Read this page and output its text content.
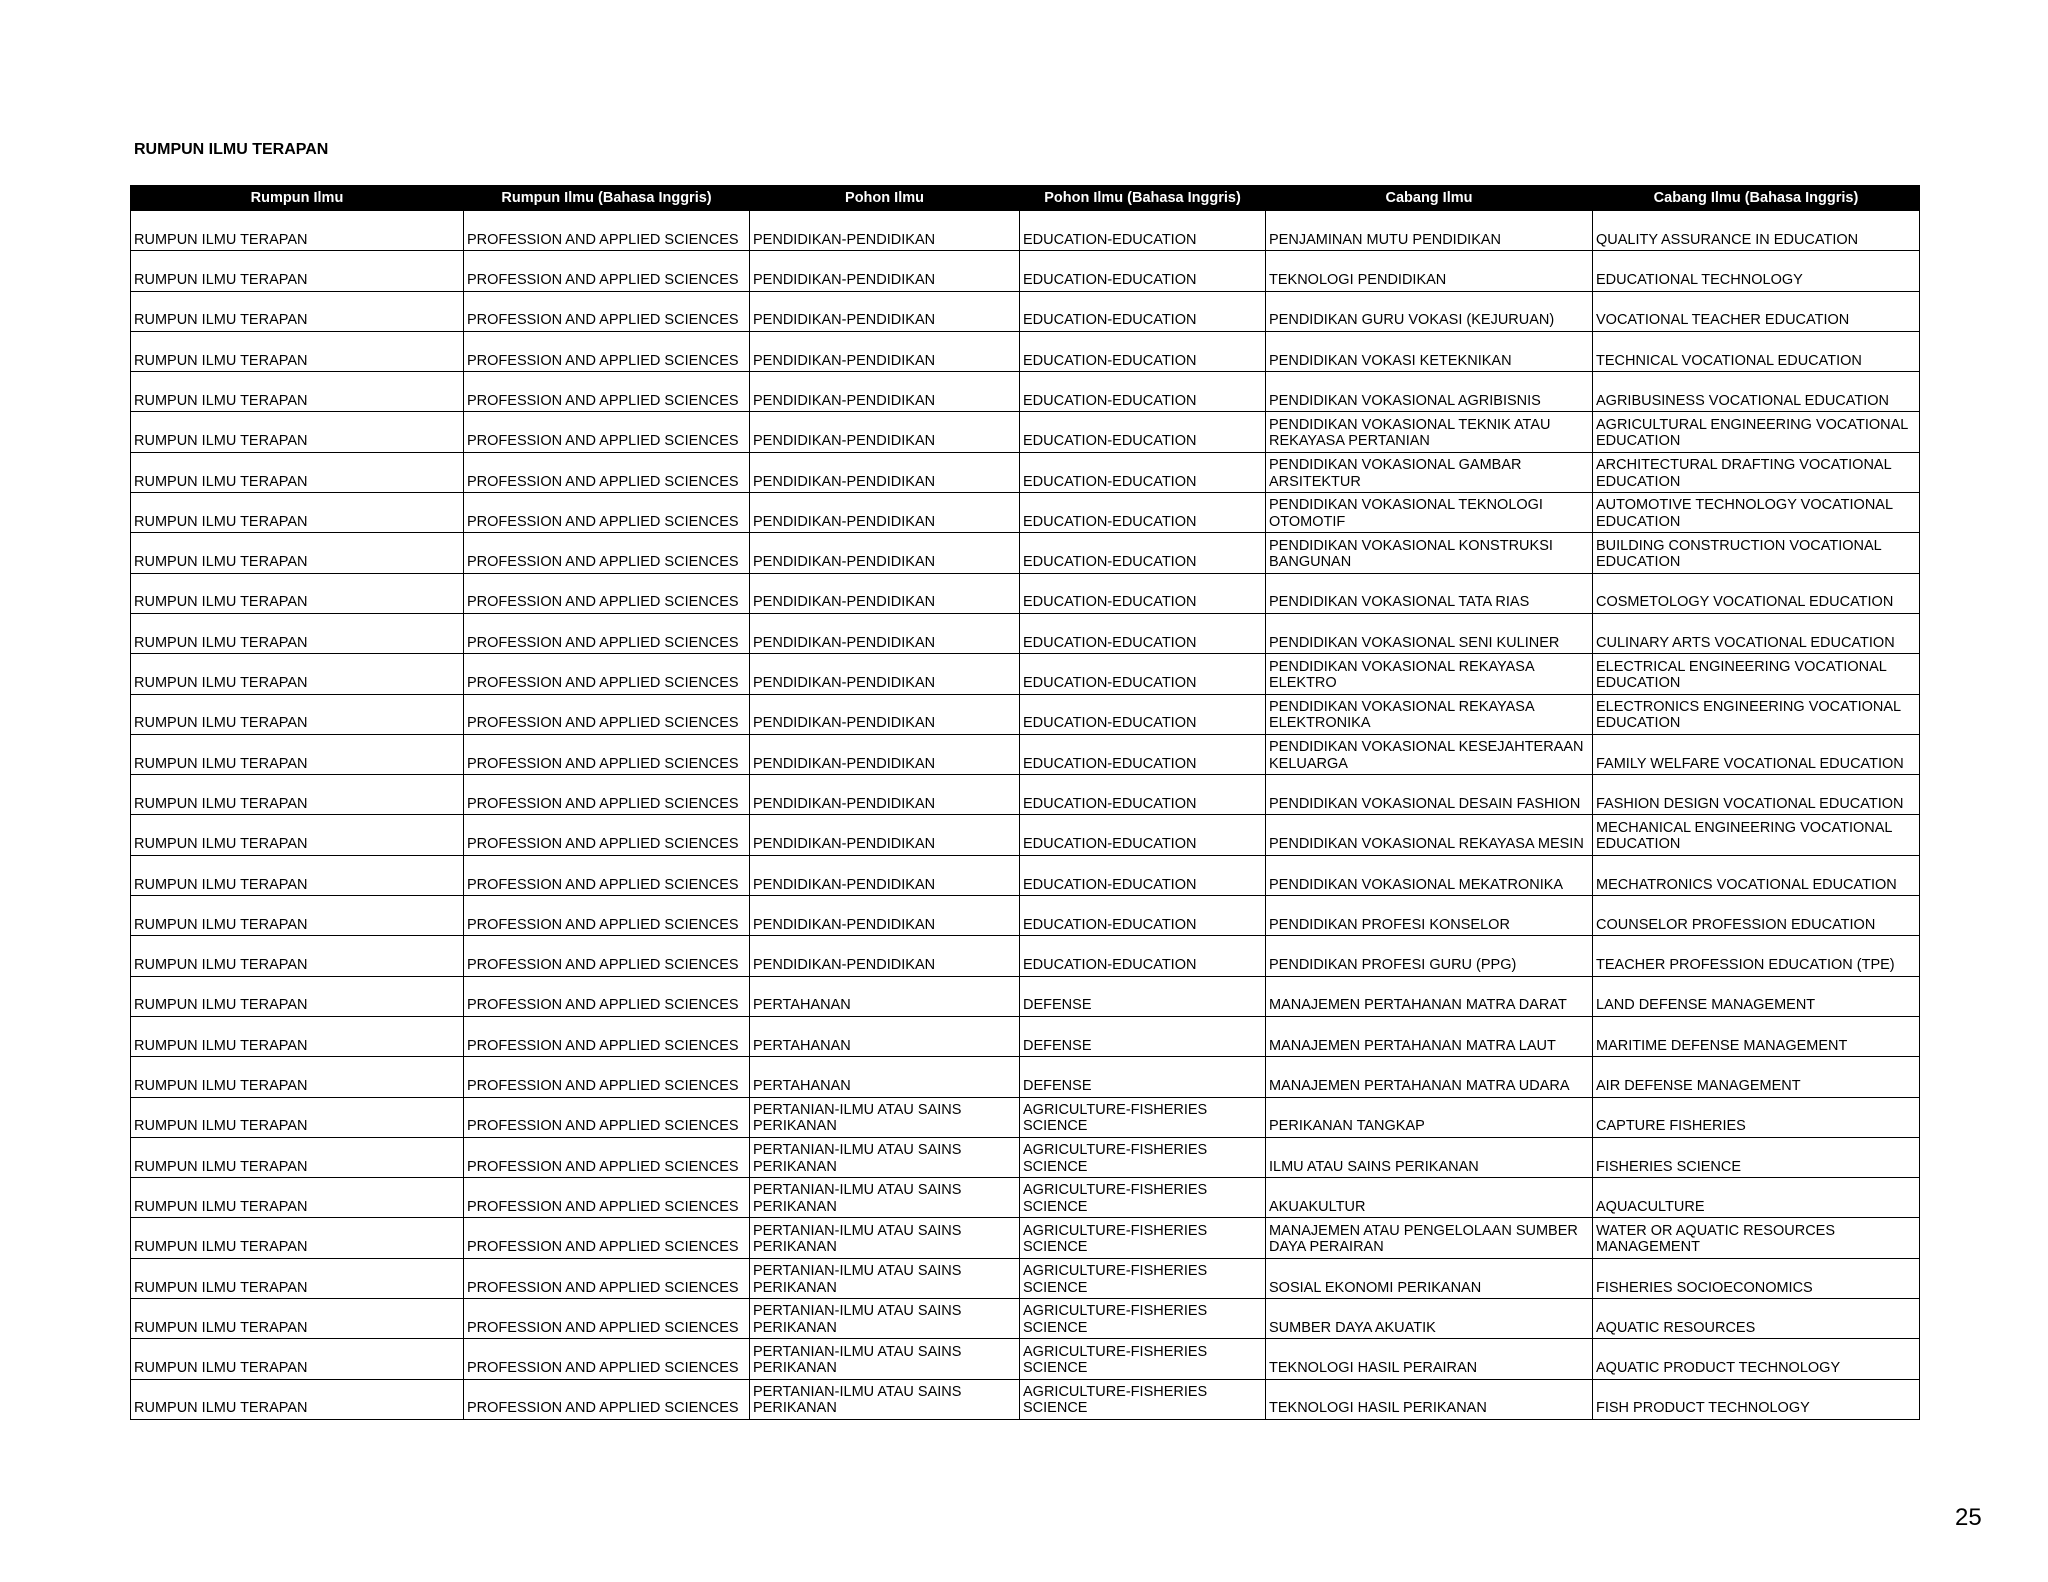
RUMPUN ILMU TERAPAN
Rumpun Ilmu	Rumpun Ilmu (Bahasa Inggris)	Pohon Ilmu	Pohon Ilmu (Bahasa Inggris)	Cabang Ilmu	Cabang Ilmu (Bahasa Inggris)
RUMPUN ILMU TERAPAN	PROFESSION AND APPLIED SCIENCES	PENDIDIKAN-PENDIDIKAN	EDUCATION-EDUCATION	PENJAMINAN MUTU PENDIDIKAN	QUALITY ASSURANCE IN EDUCATION
RUMPUN ILMU TERAPAN	PROFESSION AND APPLIED SCIENCES	PENDIDIKAN-PENDIDIKAN	EDUCATION-EDUCATION	TEKNOLOGI PENDIDIKAN	EDUCATIONAL TECHNOLOGY
RUMPUN ILMU TERAPAN	PROFESSION AND APPLIED SCIENCES	PENDIDIKAN-PENDIDIKAN	EDUCATION-EDUCATION	PENDIDIKAN GURU VOKASI (KEJURUAN)	VOCATIONAL TEACHER EDUCATION
RUMPUN ILMU TERAPAN	PROFESSION AND APPLIED SCIENCES	PENDIDIKAN-PENDIDIKAN	EDUCATION-EDUCATION	PENDIDIKAN VOKASI KETEKNIKAN	TECHNICAL VOCATIONAL EDUCATION
RUMPUN ILMU TERAPAN	PROFESSION AND APPLIED SCIENCES	PENDIDIKAN-PENDIDIKAN	EDUCATION-EDUCATION	PENDIDIKAN VOKASIONAL AGRIBISNIS	AGRIBUSINESS VOCATIONAL EDUCATION
RUMPUN ILMU TERAPAN	PROFESSION AND APPLIED SCIENCES	PENDIDIKAN-PENDIDIKAN	EDUCATION-EDUCATION	PENDIDIKAN VOKASIONAL TEKNIK ATAU REKAYASA PERTANIAN	AGRICULTURAL ENGINEERING VOCATIONAL EDUCATION
RUMPUN ILMU TERAPAN	PROFESSION AND APPLIED SCIENCES	PENDIDIKAN-PENDIDIKAN	EDUCATION-EDUCATION	PENDIDIKAN VOKASIONAL GAMBAR ARSITEKTUR	ARCHITECTURAL DRAFTING VOCATIONAL EDUCATION
RUMPUN ILMU TERAPAN	PROFESSION AND APPLIED SCIENCES	PENDIDIKAN-PENDIDIKAN	EDUCATION-EDUCATION	PENDIDIKAN VOKASIONAL TEKNOLOGI OTOMOTIF	AUTOMOTIVE TECHNOLOGY VOCATIONAL EDUCATION
RUMPUN ILMU TERAPAN	PROFESSION AND APPLIED SCIENCES	PENDIDIKAN-PENDIDIKAN	EDUCATION-EDUCATION	PENDIDIKAN VOKASIONAL KONSTRUKSI BANGUNAN	BUILDING CONSTRUCTION VOCATIONAL EDUCATION
RUMPUN ILMU TERAPAN	PROFESSION AND APPLIED SCIENCES	PENDIDIKAN-PENDIDIKAN	EDUCATION-EDUCATION	PENDIDIKAN VOKASIONAL TATA RIAS	COSMETOLOGY VOCATIONAL EDUCATION
RUMPUN ILMU TERAPAN	PROFESSION AND APPLIED SCIENCES	PENDIDIKAN-PENDIDIKAN	EDUCATION-EDUCATION	PENDIDIKAN VOKASIONAL SENI KULINER	CULINARY ARTS VOCATIONAL EDUCATION
RUMPUN ILMU TERAPAN	PROFESSION AND APPLIED SCIENCES	PENDIDIKAN-PENDIDIKAN	EDUCATION-EDUCATION	PENDIDIKAN VOKASIONAL REKAYASA ELEKTRO	ELECTRICAL ENGINEERING VOCATIONAL EDUCATION
RUMPUN ILMU TERAPAN	PROFESSION AND APPLIED SCIENCES	PENDIDIKAN-PENDIDIKAN	EDUCATION-EDUCATION	PENDIDIKAN VOKASIONAL REKAYASA ELEKTRONIKA	ELECTRONICS ENGINEERING VOCATIONAL EDUCATION
RUMPUN ILMU TERAPAN	PROFESSION AND APPLIED SCIENCES	PENDIDIKAN-PENDIDIKAN	EDUCATION-EDUCATION	PENDIDIKAN VOKASIONAL KESEJAHTERAAN KELUARGA	FAMILY WELFARE VOCATIONAL EDUCATION
RUMPUN ILMU TERAPAN	PROFESSION AND APPLIED SCIENCES	PENDIDIKAN-PENDIDIKAN	EDUCATION-EDUCATION	PENDIDIKAN VOKASIONAL DESAIN FASHION	FASHION DESIGN VOCATIONAL EDUCATION
RUMPUN ILMU TERAPAN	PROFESSION AND APPLIED SCIENCES	PENDIDIKAN-PENDIDIKAN	EDUCATION-EDUCATION	PENDIDIKAN VOKASIONAL REKAYASA MESIN	MECHANICAL ENGINEERING VOCATIONAL EDUCATION
RUMPUN ILMU TERAPAN	PROFESSION AND APPLIED SCIENCES	PENDIDIKAN-PENDIDIKAN	EDUCATION-EDUCATION	PENDIDIKAN VOKASIONAL MEKATRONIKA	MECHATRONICS VOCATIONAL EDUCATION
RUMPUN ILMU TERAPAN	PROFESSION AND APPLIED SCIENCES	PENDIDIKAN-PENDIDIKAN	EDUCATION-EDUCATION	PENDIDIKAN PROFESI KONSELOR	COUNSELOR PROFESSION EDUCATION
RUMPUN ILMU TERAPAN	PROFESSION AND APPLIED SCIENCES	PENDIDIKAN-PENDIDIKAN	EDUCATION-EDUCATION	PENDIDIKAN PROFESI GURU (PPG)	TEACHER PROFESSION EDUCATION (TPE)
RUMPUN ILMU TERAPAN	PROFESSION AND APPLIED SCIENCES	PERTAHANAN	DEFENSE	MANAJEMEN PERTAHANAN MATRA DARAT	LAND DEFENSE MANAGEMENT
RUMPUN ILMU TERAPAN	PROFESSION AND APPLIED SCIENCES	PERTAHANAN	DEFENSE	MANAJEMEN PERTAHANAN MATRA LAUT	MARITIME DEFENSE MANAGEMENT
RUMPUN ILMU TERAPAN	PROFESSION AND APPLIED SCIENCES	PERTAHANAN	DEFENSE	MANAJEMEN PERTAHANAN MATRA UDARA	AIR DEFENSE MANAGEMENT
RUMPUN ILMU TERAPAN	PROFESSION AND APPLIED SCIENCES	PERTANIAN-ILMU ATAU SAINS PERIKANAN	AGRICULTURE-FISHERIES SCIENCE	PERIKANAN TANGKAP	CAPTURE FISHERIES
RUMPUN ILMU TERAPAN	PROFESSION AND APPLIED SCIENCES	PERTANIAN-ILMU ATAU SAINS PERIKANAN	AGRICULTURE-FISHERIES SCIENCE	ILMU ATAU SAINS PERIKANAN	FISHERIES SCIENCE
RUMPUN ILMU TERAPAN	PROFESSION AND APPLIED SCIENCES	PERTANIAN-ILMU ATAU SAINS PERIKANAN	AGRICULTURE-FISHERIES SCIENCE	AKUAKULTUR	AQUACULTURE
RUMPUN ILMU TERAPAN	PROFESSION AND APPLIED SCIENCES	PERTANIAN-ILMU ATAU SAINS PERIKANAN	AGRICULTURE-FISHERIES SCIENCE	MANAJEMEN ATAU PENGELOLAAN SUMBER DAYA PERAIRAN	WATER OR AQUATIC RESOURCES MANAGEMENT
RUMPUN ILMU TERAPAN	PROFESSION AND APPLIED SCIENCES	PERTANIAN-ILMU ATAU SAINS PERIKANAN	AGRICULTURE-FISHERIES SCIENCE	SOSIAL EKONOMI PERIKANAN	FISHERIES SOCIOECONOMICS
RUMPUN ILMU TERAPAN	PROFESSION AND APPLIED SCIENCES	PERTANIAN-ILMU ATAU SAINS PERIKANAN	AGRICULTURE-FISHERIES SCIENCE	SUMBER DAYA AKUATIK	AQUATIC RESOURCES
RUMPUN ILMU TERAPAN	PROFESSION AND APPLIED SCIENCES	PERTANIAN-ILMU ATAU SAINS PERIKANAN	AGRICULTURE-FISHERIES SCIENCE	TEKNOLOGI HASIL PERAIRAN	AQUATIC PRODUCT TECHNOLOGY
RUMPUN ILMU TERAPAN	PROFESSION AND APPLIED SCIENCES	PERTANIAN-ILMU ATAU SAINS PERIKANAN	AGRICULTURE-FISHERIES SCIENCE	TEKNOLOGI HASIL PERIKANAN	FISH PRODUCT TECHNOLOGY
25
